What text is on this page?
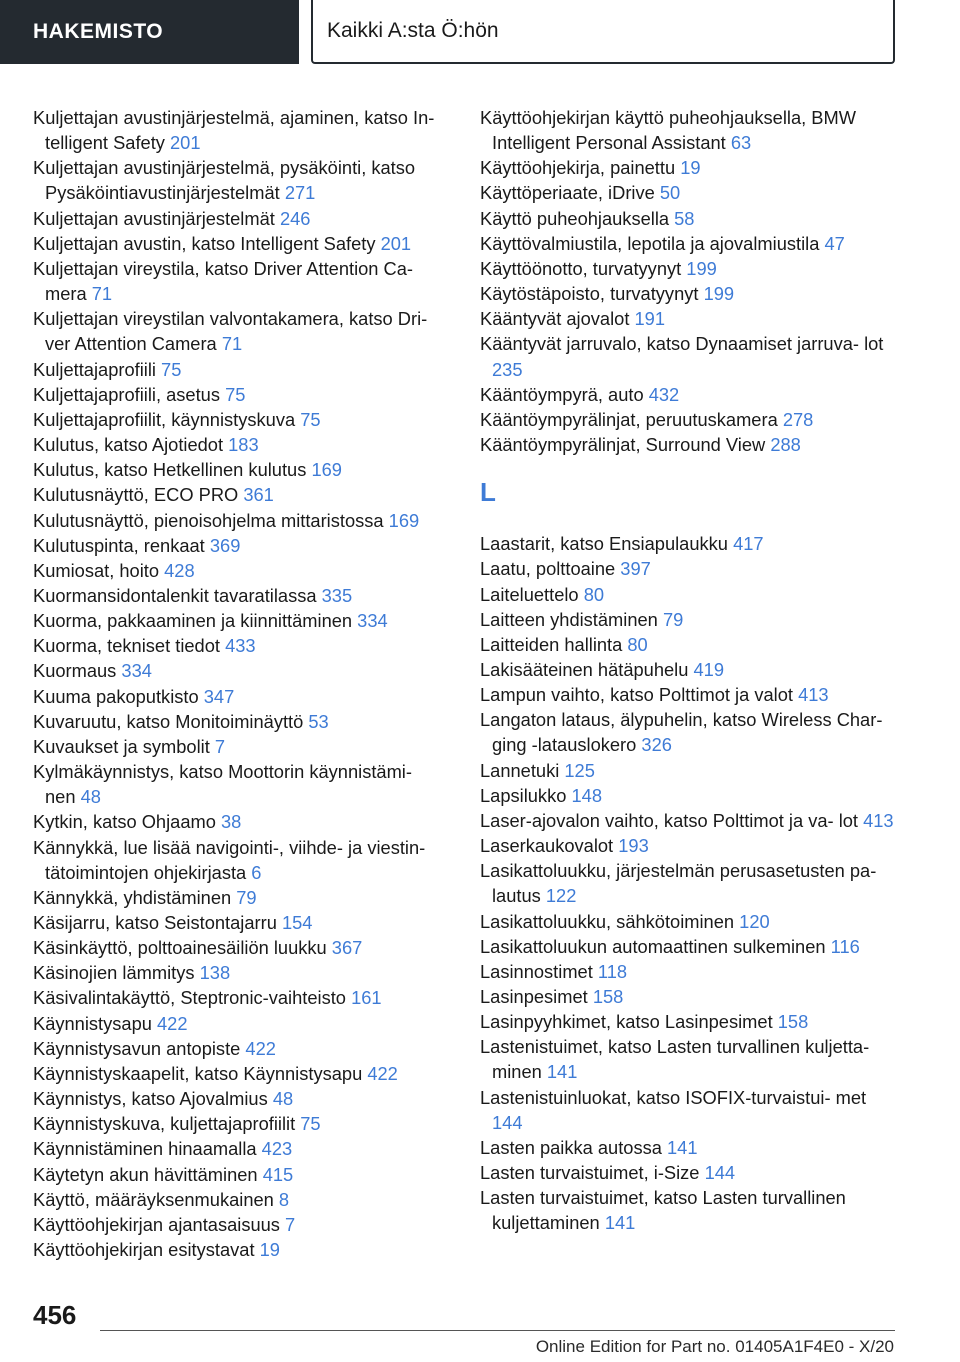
HAKEMISTO	Kaikki A:sta Ö:hön

Kuljettajan avustinjärjestelmä, ajaminen, katso In- telligent Safety 201

Kuljettajan avustinjärjestelmä, pysäköinti, katso Pysäköintiavustinjärjestelmät 271

Kuljettajan avustinjärjestelmät 246

Kuljettajan avustin, katso Intelligent Safety 201

Kuljettajan vireystila, katso Driver Attention Ca- mera 71

Kuljettajan vireystilan valvontakamera, katso Dri- ver Attention Camera 71

Kuljettajaprofiili 75

Kuljettajaprofiili, asetus 75

Kuljettajaprofiilit, käynnistyskuva 75

Kulutus, katso Ajotiedot 183

Kulutus, katso Hetkellinen kulutus 169

Kulutusnäyttö, ECO PRO 361

Kulutusnäyttö, pienoisohjelma mittaristossa 169

Kulutuspinta, renkaat 369

Kumiosat, hoito 428

Kuormansidontalenkit tavaratilassa 335

Kuorma, pakkaaminen ja kiinnittäminen 334

Kuorma, tekniset tiedot 433

Kuormaus 334

Kuuma pakoputkisto 347

Kuvaruutu, katso Monitoiminäyttö 53

Kuvaukset ja symbolit 7

Kylmäkäynnistys, katso Moottorin käynnistämi- nen 48

Kytkin, katso Ohjaamo 38

Kännykkä, lue lisää navigointi-, viihde- ja viestin- tätoimintojen ohjekirjasta 6

Kännykkä, yhdistäminen 79

Käsijarru, katso Seistontajarru 154

Käsinkäyttö, polttoainesäiliön luukku 367

Käsinojien lämmitys 138

Käsivalintakäyttö, Steptronic-vaihteisto 161

Käynnistysapu 422

Käynnistysavun antopiste 422

Käynnistyskaapelit, katso Käynnistysapu 422

Käynnistys, katso Ajovalmius 48

Käynnistyskuva, kuljettajaprofiilit 75

Käynnistäminen hinaamalla 423

Käytetyn akun hävittäminen 415

Käyttö, määräyksenmukainen 8

Käyttöohjekirjan ajantasaisuus 7

Käyttöohjekirjan esitystavat 19

Käyttöohjekirjan käyttö puheohjauksella, BMW Intelligent Personal Assistant 63

Käyttöohjekirja, painettu 19

Käyttöperiaate, iDrive 50

Käyttö puheohjauksella 58

Käyttövalmiustila, lepotila ja ajovalmiustila 47

Käyttöönotto, turvatyynyt 199

Käytöstäpoisto, turvatyynyt 199

Kääntyvät ajovalot 191

Kääntyvät jarruvalo, katso Dynaamiset jarruva- lot 235

Kääntöympyrä, auto 432

Kääntöympyrälinjat, peruutuskamera 278

Kääntöympyrälinjat, Surround View 288

L

Laastarit, katso Ensiapulaukku 417

Laatu, polttoaine 397

Laiteluettelo 80

Laitteen yhdistäminen 79

Laitteiden hallinta 80

Lakisääteinen hätäpuhelu 419

Lampun vaihto, katso Polttimot ja valot 413

Langaton lataus, älypuhelin, katso Wireless Char- ging -latauslokero 326

Lannetuki 125

Lapsilukko 148

Laser-ajovalon vaihto, katso Polttimot ja va- lot 413

Laserkaukovalot 193

Lasikattoluukku, järjestelmän perusasetusten pa- lautus 122

Lasikattoluukku, sähkötoiminen 120

Lasikattoluukun automaattinen sulkeminen 116

Lasinnostimet 118

Lasinpesimet 158

Lasinpyyhkimet, katso Lasinpesimet 158

Lastenistuimet, katso Lasten turvallinen kuljetta- minen 141

Lastenistuinluokat, katso ISOFIX-turvaistui- met 144

Lasten paikka autossa 141

Lasten turvaistuimet, i-Size 144

Lasten turvaistuimet, katso Lasten turvallinen kuljettaminen 141

456
Online Edition for Part no. 01405A1F4E0 - X/20
